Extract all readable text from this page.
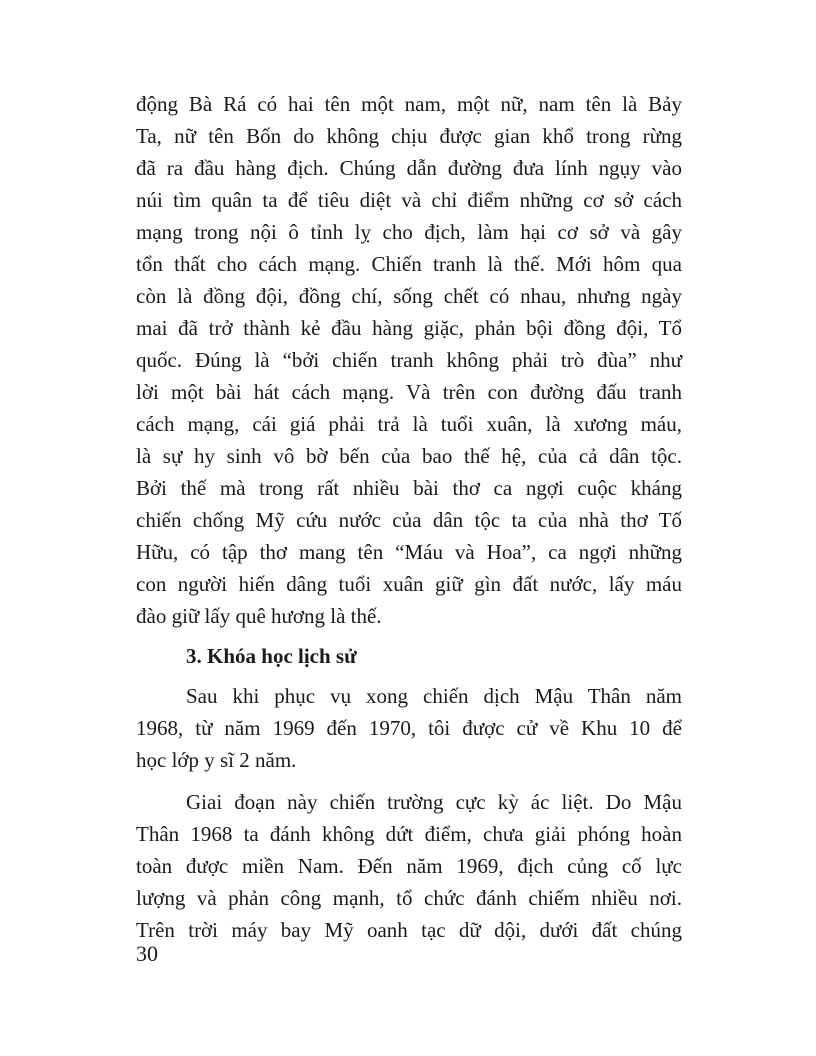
động Bà Rá có hai tên một nam, một nữ, nam tên là Bảy
Ta, nữ tên Bốn do không chịu được gian khổ trong rừng
đã ra đầu hàng địch. Chúng dẫn đường đưa lính ngụy vào
núi tìm quân ta để tiêu diệt và chỉ điểm những cơ sở cách
mạng trong nội ô tỉnh lỵ cho địch, làm hại cơ sở và gây
tổn thất cho cách mạng. Chiến tranh là thế. Mới hôm qua
còn là đồng đội, đồng chí, sống chết có nhau, nhưng ngày
mai đã trở thành kẻ đầu hàng giặc, phản bội đồng đội, Tổ
quốc. Đúng là “bởi chiến tranh không phải trò đùa” như
lời một bài hát cách mạng. Và trên con đường đấu tranh
cách mạng, cái giá phải trả là tuổi xuân, là xương máu,
là sự hy sinh vô bờ bến của bao thế hệ, của cả dân tộc.
Bởi thế mà trong rất nhiều bài thơ ca ngợi cuộc kháng
chiến chống Mỹ cứu nước của dân tộc ta của nhà thơ Tố
Hữu, có tập thơ mang tên “Máu và Hoa”, ca ngợi những
con người hiến dâng tuổi xuân giữ gìn đất nước, lấy máu
đào giữ lấy quê hương là thế.
3. Khóa học lịch sử
Sau khi phục vụ xong chiến dịch Mậu Thân năm
1968, từ năm 1969 đến 1970, tôi được cử về Khu 10 để
học lớp y sĩ 2 năm.
Giai đoạn này chiến trường cực kỳ ác liệt. Do Mậu
Thân 1968 ta đánh không dứt điểm, chưa giải phóng hoàn
toàn được miền Nam. Đến năm 1969, địch củng cố lực
lượng và phản công mạnh, tổ chức đánh chiếm nhiều nơi.
Trên trời máy bay Mỹ oanh tạc dữ dội, dưới đất chúng
30
